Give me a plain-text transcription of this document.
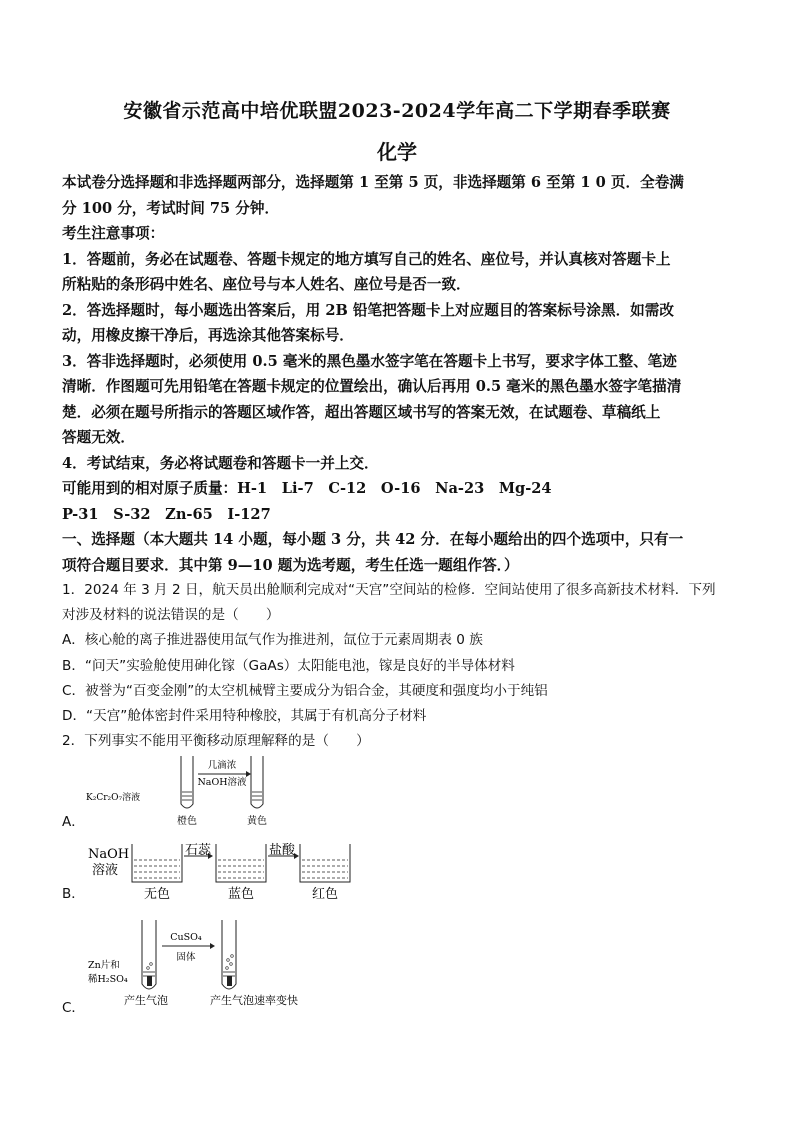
安徽省示范高中培优联盟2023-2024学年高二下学期春季联赛
化学

本试卷分选择题和非选择题两部分，选择题第 1 至第 5 页，非选择题第 6 至第 1 0 页．全卷满

分 100 分，考试时间 75 分钟．

考生注意事项：

1．答题前，务必在试题卷、答题卡规定的地方填写自己的姓名、座位号，并认真核对答题卡上

所粘贴的条形码中姓名、座位号与本人姓名、座位号是否一致．

2．答选择题时，每小题选出答案后，用 2B 铅笔把答题卡上对应题目的答案标号涂黑．如需改

动，用橡皮擦干净后，再选涂其他答案标号．

3．答非选择题时，必须使用 0.5 毫米的黑色墨水签字笔在答题卡上书写，要求字体工整、笔迹

清晰．作图题可先用铅笔在答题卡规定的位置绘出，确认后再用 0.5 毫米的黑色墨水签字笔描清

楚．必须在题号所指示的答题区域作答，超出答题区域书写的答案无效，在试题卷、草稿纸上

答题无效．

4．考试结束，务必将试题卷和答题卡一并上交．

可能用到的相对原子质量：H-1　Li-7　C-12　O-16　Na-23　Mg-24

P-31　S-32　Zn-65　I-127

一、选择题（本大题共 14 小题，每小题 3 分，共 42 分．在每小题给出的四个选项中，只有一

项符合题目要求．其中第 9—10 题为选考题，考生任选一题组作答．）

1．2024 年 3 月 2 日，航天员出舱顺利完成对“天宫”空间站的检修．空间站使用了很多高新技术材料．下列

对涉及材料的说法错误的是（　　）

A．核心舱的离子推进器使用氙气作为推进剂，氙位于元素周期表 0 族

B．“问天”实验舱使用砷化镓（GaAs）太阳能电池，镓是良好的半导体材料

C．被誉为“百变金刚”的太空机械臂主要成分为铝合金，其硬度和强度均小于纯铝

D．“天宫”舱体密封件采用特种橡胶，其属于有机高分子材料

2．下列事实不能用平衡移动原理解释的是（　　）

几滴浓
NaOH溶液
K₂Cr₂O₇溶液
橙色	黄色
A．
NaOH
溶液
石蕊	盐酸
无色	蓝色	红色
B．
Zn片和
稀H₂SO₄
CuSO₄
固体
产生气泡	产生气泡速率变快
C．
